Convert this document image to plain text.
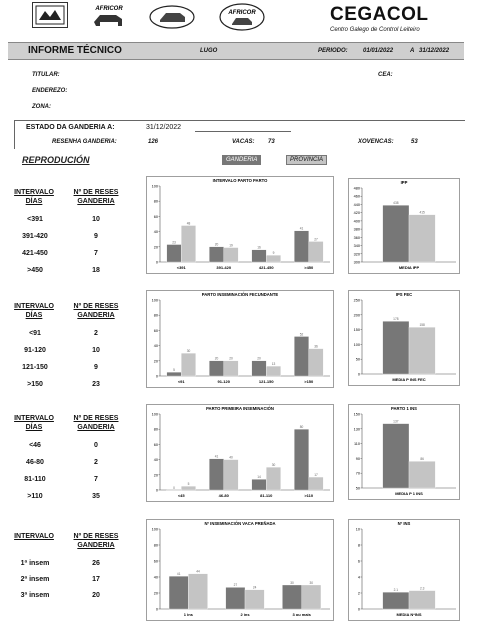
AFRICOR
AFRICOR	CEGACOL
Centro Galego de Control Leiteiro
INFORME TÉCNICO	LUGO	PERIODO:	01/01/2022	A 31/12/2022
TITULAR:	CEA:
ENDEREZO:
ZONA:
ESTADO DA GANDERIA A:	31/12/2022
RESENHA GANDERIA:	126	VACAS: 73	XOVENCAS:	53
REPRODUCIÓN	GANDERIA	PROVINCIA
INTERVALO
DÍAS
Nº DE RESES
GANDERIA
<391	10
391-420	9
421-450	7
>450	18
INTERVALO
DÍAS
Nº DE RESES
GANDERIA
<91	2
91-120	10
121-150	9
>150	23
INTERVALO
DÍAS
Nº DE RESES
GANDERIA
<46	0
46-80	2
81-110	7
>110	35
INTERVALO	Nº DE RESES
GANDERIA
1ª insem	26
2ª insem	17
3ª insem	20
INTERVALO PARTO PARTO
0
20
40
60
80
100
23
48
<391
20	19
391-420
16
9
421-450
41
27
>450
IPP
300
320
340
360
380
400
420
440
460
480
438
415
MEDIA IPP
PARTO INSEMINACIÓN FECUNDANTE
0
20
40
60
80
100
5
30
<91
20	20
91-120
20
13
121-150
52
36
>150
IPS FEC
0
50
100
150
200
250
178
158
MEDIA P INS FEC
PARTO PRIMEIRA INSEMINACIÓN
0
20
40
60
80
100
0
5
<45
41	40
46-80
14
30
81-110
80
17
>110
PARTO 1 INS
50
70
90
110
130
150
137
86
MEDIA P 1 INS
Nº INSEMINACIÓN VACA PREÑADA
0
20
40
60
80
100
41
44
1 ins
27
24
2 ins
30	30
3 ou mais
Nº INS
0
2
4
6
8
10
2.1	2.3
MEDIA N*INS
